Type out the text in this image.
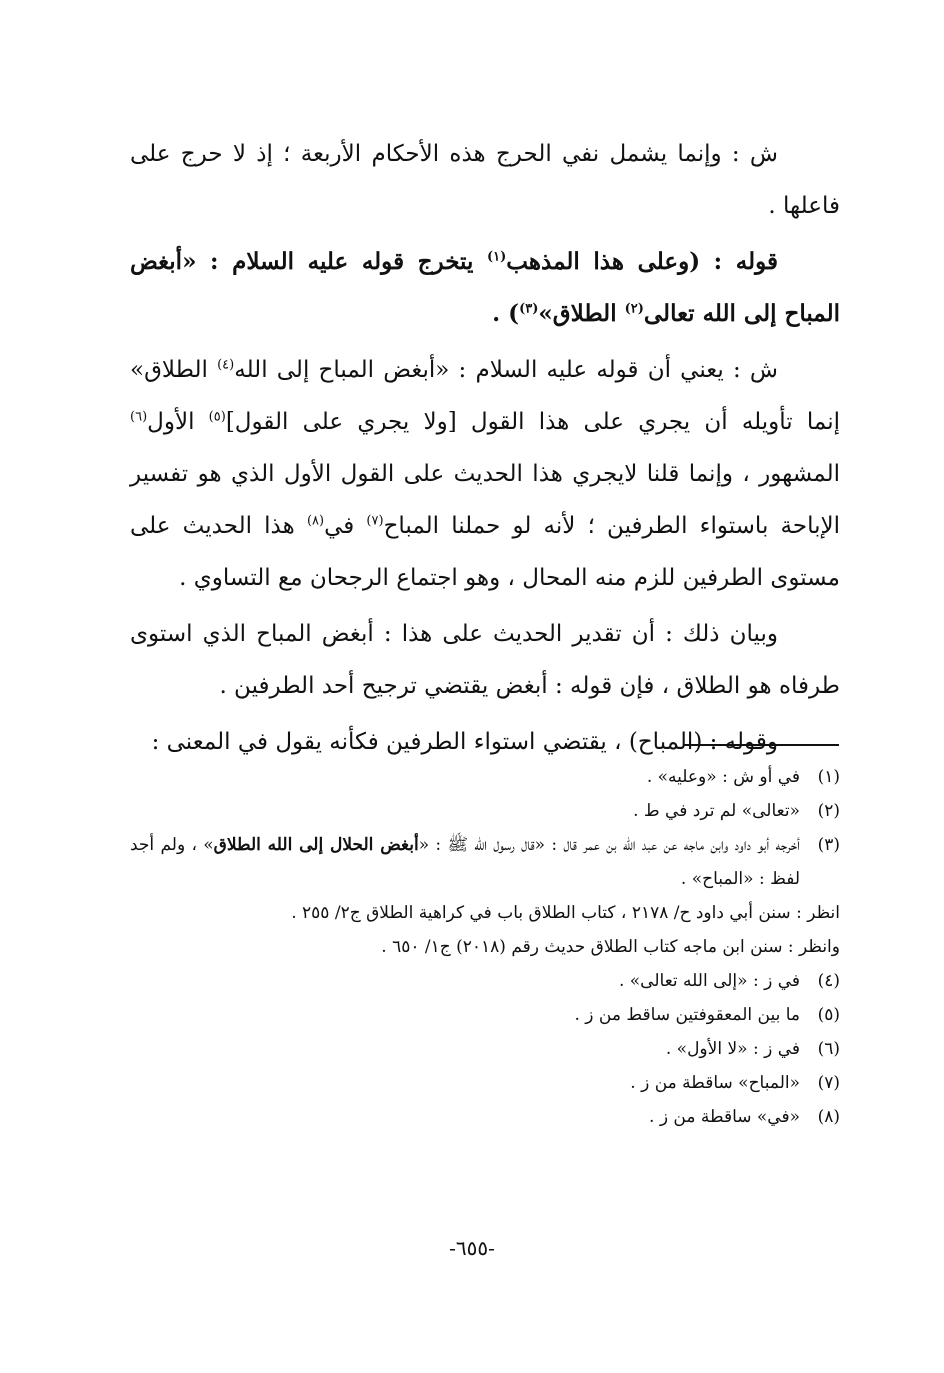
ش : وإنما يشمل نفي الحرج هذه الأحكام الأربعة ؛ إذ لا حرج على فاعلها .

قوله : (وعلى هذا المذهب$^{(١)}$ يتخرج قوله عليه السلام : «أبغض المباح إلى الله تعالى$^{(٢)}$ الطلاق»$^{(٣)}$) .

ش : يعني أن قوله عليه السلام : «أبغض المباح إلى الله$^{(٤)}$ الطلاق» إنما تأويله أن يجري على هذا القول [ولا يجري على القول]$^{(٥)}$ الأول$^{(٦)}$ المشهور ، وإنما قلنا لايجري هذا الحديث على القول الأول الذي هو تفسير الإباحة باستواء الطرفين ؛ لأنه لو حملنا المباح$^{(٧)}$ في$^{(٨)}$ هذا الحديث على مستوى الطرفين للزم منه المحال ، وهو اجتماع الرجحان مع التساوي .

وبيان ذلك : أن تقدير الحديث على هذا : أبغض المباح الذي استوى طرفاه هو الطلاق ، فإن قوله : أبغض يقتضي ترجيح أحد الطرفين .

وقوله : (المباح) ، يقتضي استواء الطرفين فكأنه يقول في المعنى :

(١)
في أو ش : «وعليه» .
(٢)
«تعالى» لم ترد في ط .
(٣)
أخرجه أبو داود وابن ماجه عن عبد الله بن عمر قال : «قال رسول الله ﷺ : «أبغض الحلال إلى الله الطلاق» ، ولم أجد لفظ : «المباح» .
انظر : سنن أبي داود ح/ ٢١٧٨ ، كتاب الطلاق باب في كراهية الطلاق ج٢/ ٢٥٥ .
وانظر : سنن ابن ماجه كتاب الطلاق حديث رقم (٢٠١٨) ج١/ ٦٥٠ .
(٤)
في ز : «إلى الله تعالى» .
(٥)
ما بين المعقوفتين ساقط من ز .
(٦)
في ز : «لا الأول» .
(٧)
«المباح» ساقطة من ز .
(٨)
«في» ساقطة من ز .
-٦٥٥-
